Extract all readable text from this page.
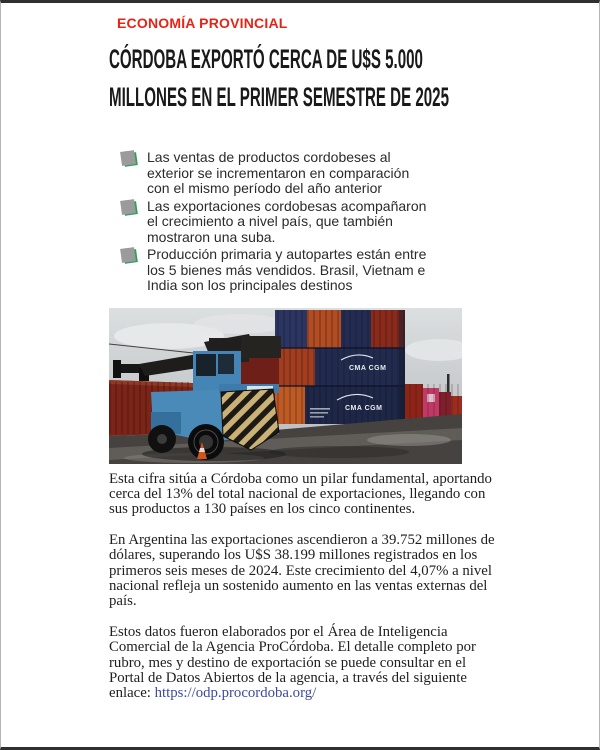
ECONOMÍA PROVINCIAL
CÓRDOBA EXPORTÓ CERCA DE U$S 5.000
MILLONES EN EL PRIMER SEMESTRE DE 2025
Las ventas de productos cordobeses al exterior se incrementaron en comparación con el mismo período del año anterior
Las exportaciones cordobesas acompañaron el crecimiento a nivel país, que también mostraron una suba.
Producción primaria y autopartes están entre los 5 bienes más vendidos. Brasil, Vietnam e India son los principales destinos
CMA CGM
CMA CGM

Esta cifra sitúa a Córdoba como un pilar fundamental, aportando cerca del 13% del total nacional de exportaciones, llegando con sus productos a 130 países en los cinco continentes.

En Argentina las exportaciones ascendieron a 39.752 millones de dólares, superando los U$S 38.199 millones registrados en los primeros seis meses de 2024. Este crecimiento del 4,07% a nivel nacional refleja un sostenido aumento en las ventas externas del país.

Estos datos fueron elaborados por el Área de Inteligencia Comercial de la Agencia ProCórdoba. El detalle completo por rubro, mes y destino de exportación se puede consultar en el Portal de Datos Abiertos de la agencia, a través del siguiente enlace: https://odp.procordoba.org/
